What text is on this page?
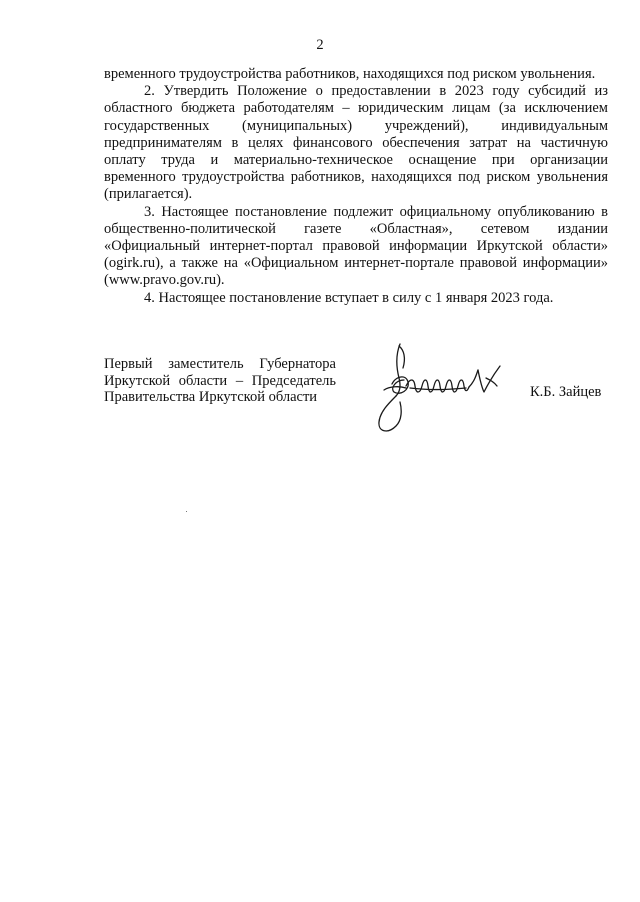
2

временного трудоустройства работников, находящихся под риском увольнения.

2. Утвердить Положение о предоставлении в 2023 году субсидий из областного бюджета работодателям – юридическим лицам (за исключением государственных (муниципальных) учреждений), индивидуальным предпринимателям в целях финансового обеспечения затрат на частичную оплату труда и материально-техническое оснащение при организации временного трудоустройства работников, находящихся под риском увольнения (прилагается).

3. Настоящее постановление подлежит официальному опубликованию в общественно-политической газете «Областная», сетевом издании «Официальный интернет-портал правовой информации Иркутской области» (ogirk.ru), а также на «Официальном интернет-портале правовой информации» (www.pravo.gov.ru).

4. Настоящее постановление вступает в силу с 1 января 2023 года.

Первый заместитель Губернатора
Иркутской области – Председатель
Правительства Иркутской области	К.Б. Зайцев
